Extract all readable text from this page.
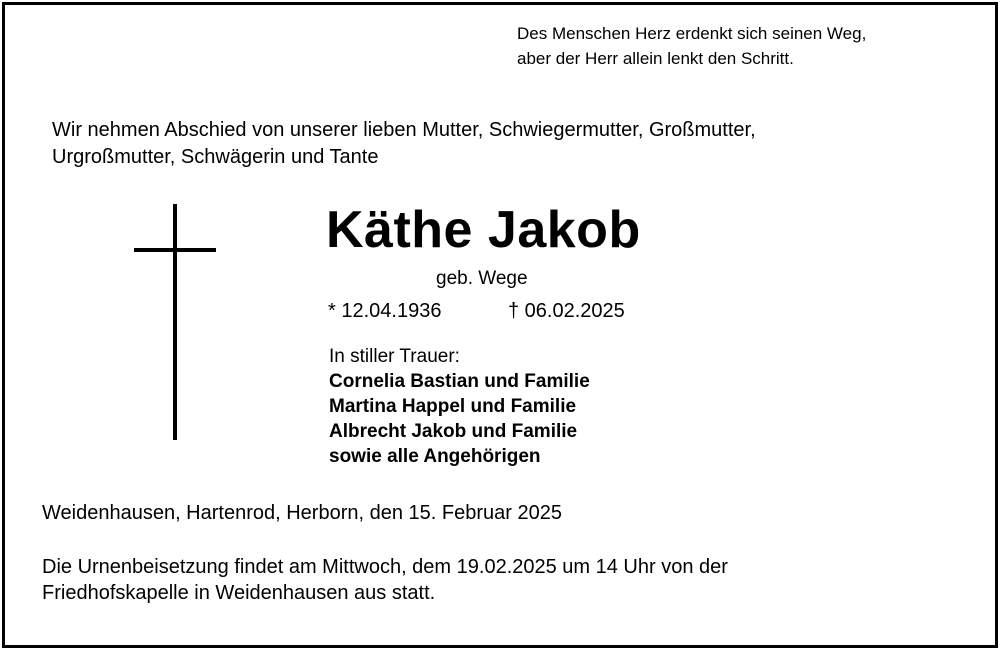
Des Menschen Herz erdenkt sich seinen Weg,
aber der Herr allein lenkt den Schritt.
Wir nehmen Abschied von unserer lieben Mutter, Schwiegermutter, Großmutter,
Urgroßmutter, Schwägerin und Tante
Käthe Jakob
geb. Wege
* 12.04.1936	† 06.02.2025
In stiller Trauer:
Cornelia Bastian und Familie
Martina Happel und Familie
Albrecht Jakob und Familie
sowie alle Angehörigen
Weidenhausen, Hartenrod, Herborn, den 15. Februar 2025
Die Urnenbeisetzung findet am Mittwoch, dem 19.02.2025 um 14 Uhr von der
Friedhofskapelle in Weidenhausen aus statt.
